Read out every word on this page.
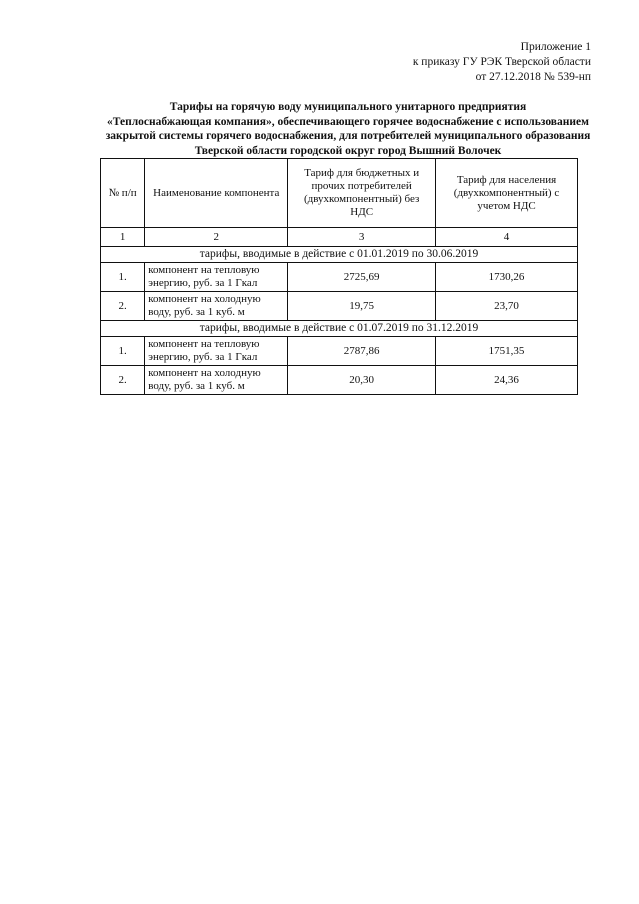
Приложение 1
к приказу ГУ РЭК Тверской области
от 27.12.2018 № 539-нп
Тарифы на горячую воду муниципального унитарного предприятия
«Теплоснабжающая компания», обеспечивающего горячее водоснабжение с использованием
закрытой системы горячего водоснабжения, для потребителей муниципального образования
Тверской области городской округ город Вышний Волочек
№ п/п	Наименование компонента	Тариф для бюджетных и прочих потребителей (двухкомпонентный) без НДС	Тариф для населения (двухкомпонентный) с учетом НДС
1	2	3	4
тарифы, вводимые в действие с 01.01.2019 по 30.06.2019			
1.	компонент на тепловую энергию, руб. за 1 Гкал	2725,69	1730,26
2.	компонент на холодную воду, руб. за 1 куб. м	19,75	23,70
тарифы, вводимые в действие с 01.07.2019 по 31.12.2019			
1.	компонент на тепловую энергию, руб. за 1 Гкал	2787,86	1751,35
2.	компонент на холодную воду, руб. за 1 куб. м	20,30	24,36
